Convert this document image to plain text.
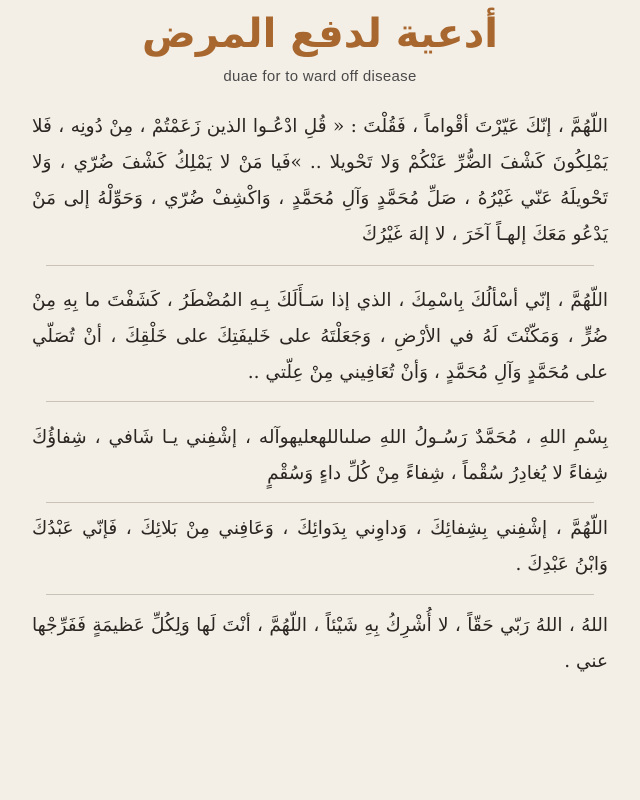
أدعية لدفع المرض

duae for to ward off disease

اللّهُمَّ ، إنّكَ عَيّرْتَ أقْواماً ، فَقُلْتَ : « قُلِ ادْعُـوا الذين زَعَمْتُمْ ، مِنْ دُونِه ، فَلا يَمْلِكُونَ كَشْفَ الضُّرِّ عَنْكُمْ وَلا تَحْويلا .. »فَيا مَنْ لا يَمْلِكُ كَشْفَ ضُرّي ، وَلا تَحْويلَهُ عَنّي غَيْرُهُ ، صَلِّ مُحَمَّدٍ وَآلِ مُحَمَّدٍ ، وَاكْشِفْ ضُرّي ، وَحَوِّلْهُ إلى مَنْ يَدْعُو مَعَكَ إلهـاً آخَرَ ، لا إلهَ غَيْرُكَ

اللّهُمَّ ، إنّي أسْألُكَ بِاسْمِكَ ، الذي إذا سَـأَلَكَ بِـهِ المُضْطَرُ ، كَشَفْتَ ما بِهِ مِنْ ضُرٍّ ، وَمَكّنْتَ لَهُ في الأرْضِ ، وَجَعَلْتَهُ على خَليفَتِكَ على خَلْقِكَ ، أنْ تُصَلّي على مُحَمَّدٍ وَآلِ مُحَمَّدٍ ، وَأنْ تُعَافِيني مِنْ عِلّتي ..

بِسْمِ اللهِ ، مُحَمَّدٌ رَسُـولُ اللهِ صلىاللهعليهوآله ، إشْفِني يـا شَافي ، شِفاؤُكَ شِفاءً لا يُغادِرُ سُقْماً ، شِفاءً مِنْ كُلِّ داءٍ وَسُقْمٍ

اللّهُمَّ ، إشْفِني بِشِفائِكَ ، وَداوِني بِدَوائِكَ ، وَعَافِني مِنْ بَلائِكَ ، فَإنّي عَبْدُكَ وَابْنُ عَبْدِكَ .

اللهُ ، اللهُ رَبّي حَقّاً ، لا أُشْرِكُ بِهِ شَيْئاً ، اللّهُمَّ ، أنْتَ لَها وَلِكُلِّ عَظيمَةٍ فَفَرِّجْها عني .
